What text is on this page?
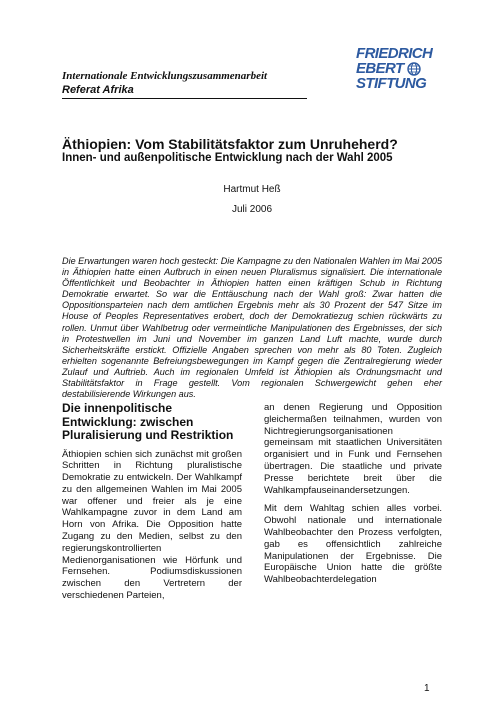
Internationale Entwicklungszusammenarbeit
Referat Afrika
FRIEDRICH
EBERT
STIFTUNG
Äthiopien: Vom Stabilitätsfaktor zum Unruheherd?
Innen- und außenpolitische Entwicklung nach der Wahl 2005
Hartmut Heß
Juli 2006
Die Erwartungen waren hoch gesteckt: Die Kampagne zu den Nationalen Wahlen im Mai 2005 in Äthiopien hatte einen Aufbruch in einen neuen Pluralismus signalisiert. Die internationale Öffentlichkeit und Beobachter in Äthiopien hatten einen kräftigen Schub in Richtung Demokratie erwartet. So war die Enttäuschung nach der Wahl groß: Zwar hatten die Oppositionsparteien nach dem amtlichen Ergebnis mehr als 30 Prozent der 547 Sitze im House of Peoples Representatives erobert, doch der Demokratiezug schien rückwärts zu rollen. Unmut über Wahlbetrug oder vermeintliche Manipulationen des Ergebnisses, der sich in Protestwellen im Juni und November im ganzen Land Luft machte, wurde durch Sicherheitskräfte erstickt. Offizielle Angaben sprechen von mehr als 80 Toten. Zugleich erhielten sogenannte Befreiungsbewegungen im Kampf gegen die Zentralregierung wieder Zulauf und Auftrieb. Auch im regionalen Umfeld ist Äthiopien als Ordnungsmacht und Stabilitätsfaktor in Frage gestellt. Vom regionalen Schwergewicht gehen eher destabilisierende Wirkungen aus.
Die innenpolitische Entwicklung: zwischen Pluralisierung und Restriktion
Äthiopien schien sich zunächst mit großen Schritten in Richtung pluralistische Demokratie zu entwickeln. Der Wahlkampf zu den allgemeinen Wahlen im Mai 2005 war offener und freier als je eine Wahlkampagne zuvor in dem Land am Horn von Afrika. Die Opposition hatte Zugang zu den Medien, selbst zu den regierungskontrollierten Medienorganisationen wie Hörfunk und Fernsehen. Podiumsdiskussionen zwischen den Vertretern der verschiedenen Parteien,
an denen Regierung und Opposition gleichermaßen teilnahmen, wurden von Nichtregierungsorganisationen gemeinsam mit staatlichen Universitäten organisiert und in Funk und Fernsehen übertragen. Die staatliche und private Presse berichtete breit über die Wahlkampfauseinandersetzungen.
Mit dem Wahltag schien alles vorbei. Obwohl nationale und internationale Wahlbeobachter den Prozess verfolgten, gab es offensichtlich zahlreiche Manipulationen der Ergebnisse. Die Europäische Union hatte die größte Wahlbeobachterdelegation
1
